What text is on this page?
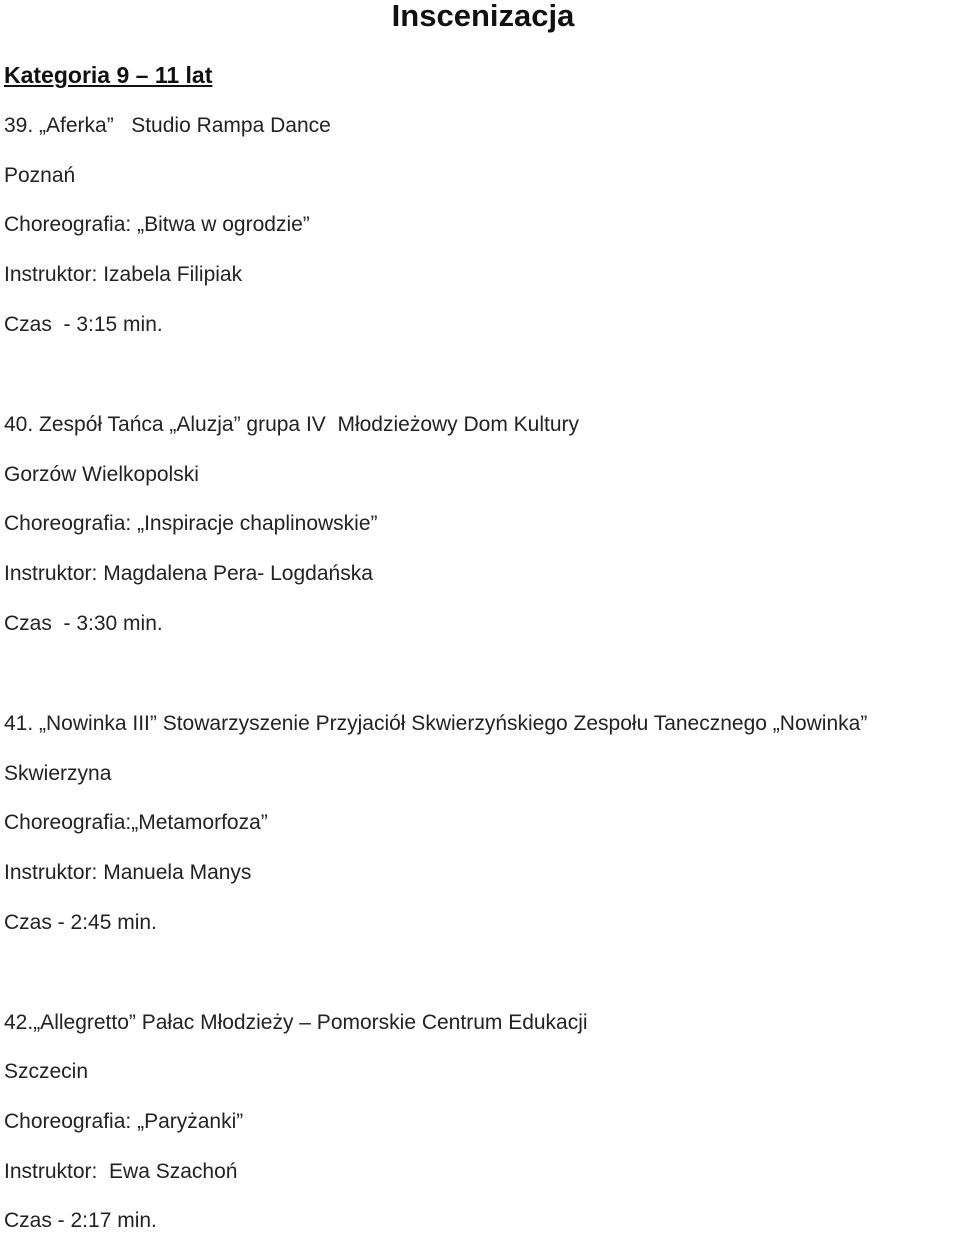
Inscenizacja
Kategoria 9 – 11 lat

39. „Aferka”   Studio Rampa Dance

Poznań

Choreografia: „Bitwa w ogrodzie”

Instruktor: Izabela Filipiak

Czas  - 3:15 min.

40. Zespół Tańca „Aluzja” grupa IV  Młodzieżowy Dom Kultury

Gorzów Wielkopolski

Choreografia: „Inspiracje chaplinowskie”

Instruktor: Magdalena Pera- Logdańska

Czas  - 3:30 min.

41. „Nowinka III” Stowarzyszenie Przyjaciół Skwierzyńskiego Zespołu Tanecznego „Nowinka”

Skwierzyna

Choreografia:„Metamorfoza”

Instruktor: Manuela Manys

Czas - 2:45 min.

42.„Allegretto” Pałac Młodzieży – Pomorskie Centrum Edukacji

Szczecin

Choreografia: „Paryżanki”

Instruktor:  Ewa Szachoń

Czas - 2:17 min.
